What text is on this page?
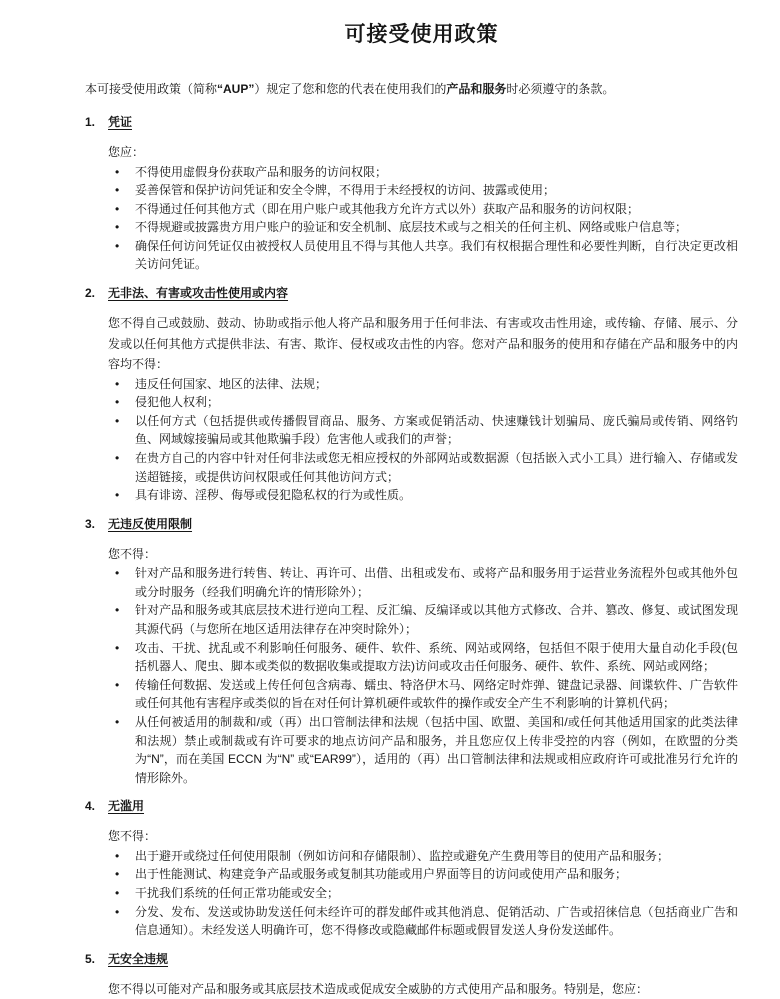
可接受使用政策

本可接受使用政策（简称“AUP”）规定了您和您的代表在使用我们的产品和服务时必须遵守的条款。

1.	凭证

您应：

• 不得使用虚假身份获取产品和服务的访问权限；
• 妥善保管和保护访问凭证和安全令牌，不得用于未经授权的访问、披露或使用；
• 不得通过任何其他方式（即在用户账户或其他我方允许方式以外）获取产品和服务的访问权限；
• 不得规避或披露贵方用户账户的验证和安全机制、底层技术或与之相关的任何主机、网络或账户信息等；
• 确保任何访问凭证仅由被授权人员使用且不得与其他人共享。我们有权根据合理性和必要性判断，自行决定更改相关访问凭证。
2.	无非法、有害或攻击性使用或内容

您不得自己或鼓励、鼓动、协助或指示他人将产品和服务用于任何非法、有害或攻击性用途，或传输、存储、展示、分发或以任何其他方式提供非法、有害、欺诈、侵权或攻击性的内容。您对产品和服务的使用和存储在产品和服务中的内容均不得：

• 违反任何国家、地区的法律、法规；
• 侵犯他人权利；
• 以任何方式（包括提供或传播假冒商品、服务、方案或促销活动、快速赚钱计划骗局、庞氏骗局或传销、网络钓鱼、网域嫁接骗局或其他欺骗手段）危害他人或我们的声誉；
• 在贵方自己的内容中针对任何非法或您无相应授权的外部网站或数据源（包括嵌入式小工具）进行输入、存储或发送超链接，或提供访问权限或任何其他访问方式；
• 具有诽谤、淫秽、侮辱或侵犯隐私权的行为或性质。
3.	无违反使用限制

您不得：

• 针对产品和服务进行转售、转让、再许可、出借、出租或发布、或将产品和服务用于运营业务流程外包或其他外包或分时服务（经我们明确允许的情形除外）；
• 针对产品和服务或其底层技术进行逆向工程、反汇编、反编译或以其他方式修改、合并、篡改、修复、或试图发现其源代码（与您所在地区适用法律存在冲突时除外）；
• 攻击、干扰、扰乱或不利影响任何服务、硬件、软件、系统、网站或网络，包括但不限于使用大量自动化手段(包括机器人、爬虫、脚本或类似的数据收集或提取方法)访问或攻击任何服务、硬件、软件、系统、网站或网络；
• 传输任何数据、发送或上传任何包含病毒、蠕虫、特洛伊木马、网络定时炸弹、键盘记录器、间谍软件、广告软件或任何其他有害程序或类似的旨在对任何计算机硬件或软件的操作或安全产生不利影响的计算机代码；
• 从任何被适用的制裁和/或（再）出口管制法律和法规（包括中国、欧盟、美国和/或任何其他适用国家的此类法律和法规）禁止或制裁或有许可要求的地点访问产品和服务，并且您应仅上传非受控的内容（例如，在欧盟的分类为“N”，而在美国 ECCN 为“N” 或“EAR99”），适用的（再）出口管制法律和法规或相应政府许可或批准另行允许的情形除外。
4.	无滥用

您不得：

• 出于避开或绕过任何使用限制（例如访问和存储限制）、监控或避免产生费用等目的使用产品和服务；
• 出于性能测试、构建竞争产品或服务或复制其功能或用户界面等目的访问或使用产品和服务；
• 干扰我们系统的任何正常功能或安全；
• 分发、发布、发送或协助发送任何未经许可的群发邮件或其他消息、促销活动、广告或招徕信息（包括商业广告和信息通知）。未经发送人明确许可，您不得修改或隐藏邮件标题或假冒发送人身份发送邮件。
5.	无安全违规

您不得以可能对产品和服务或其底层技术造成或促成安全威胁的方式使用产品和服务。特别是，您应：
